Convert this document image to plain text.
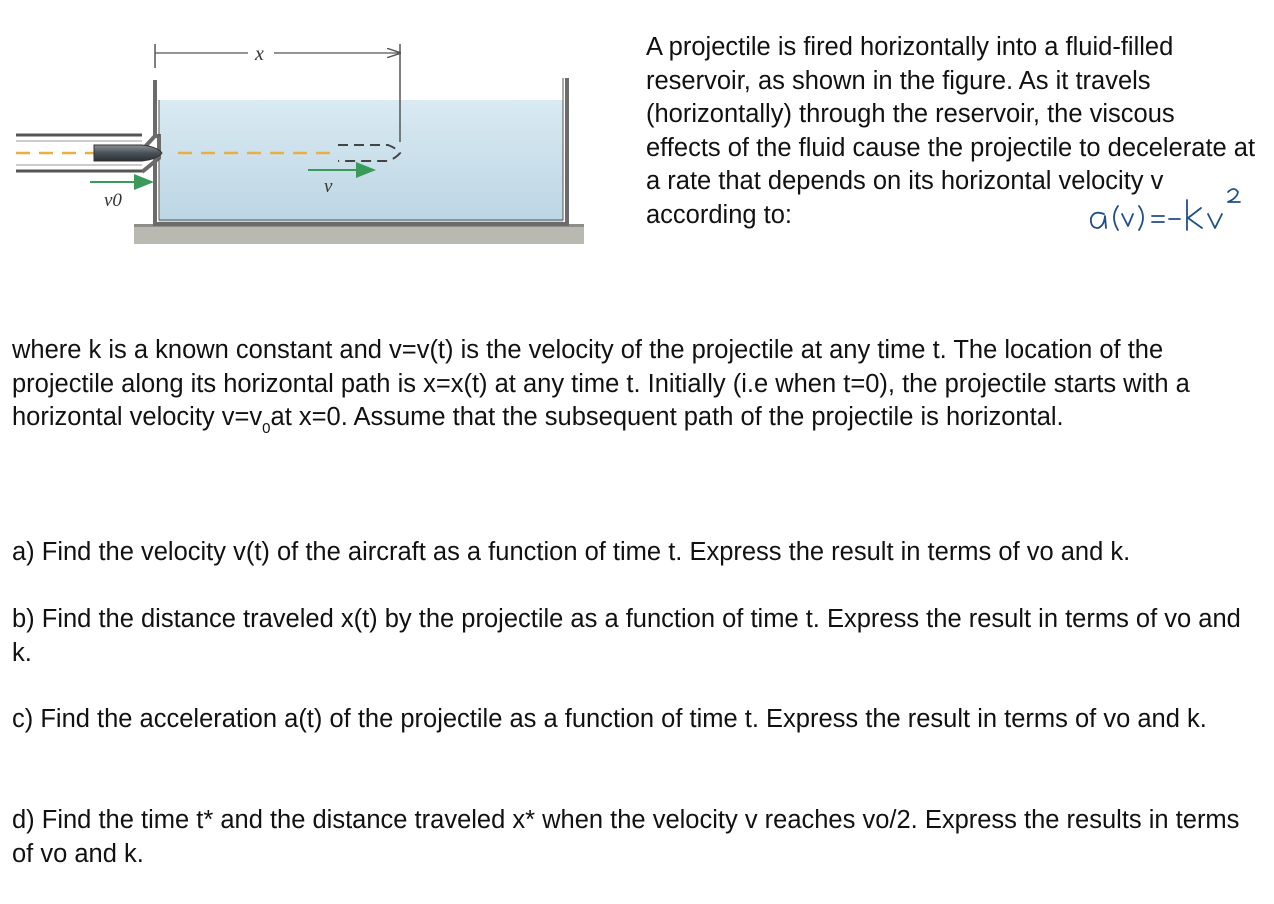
x
v0
v
A projectile is fired horizontally into a fluid-filled reservoir, as shown in the figure. As it travels (horizontally) through the reservoir, the viscous effects of the fluid cause the projectile to decelerate at a rate that depends on its horizontal velocity v according to:

where k is a known constant and v=v(t) is the velocity of the projectile at any time t. The location of the projectile along its horizontal path is x=x(t) at any time t. Initially (i.e when t=0), the projectile starts with a horizontal velocity $v=v_0at$ x=0. Assume that the subsequent path of the projectile is horizontal.

a) Find the velocity v(t) of the aircraft as a function of time t. Express the result in terms of vo and k.

b) Find the distance traveled x(t) by the projectile as a function of time t. Express the result in terms of vo and k.

c) Find the acceleration a(t) of the projectile as a function of time t. Express the result in terms of vo and k.

d) Find the time t* and the distance traveled x* when the velocity v reaches vo/2. Express the results in terms of vo and k.
